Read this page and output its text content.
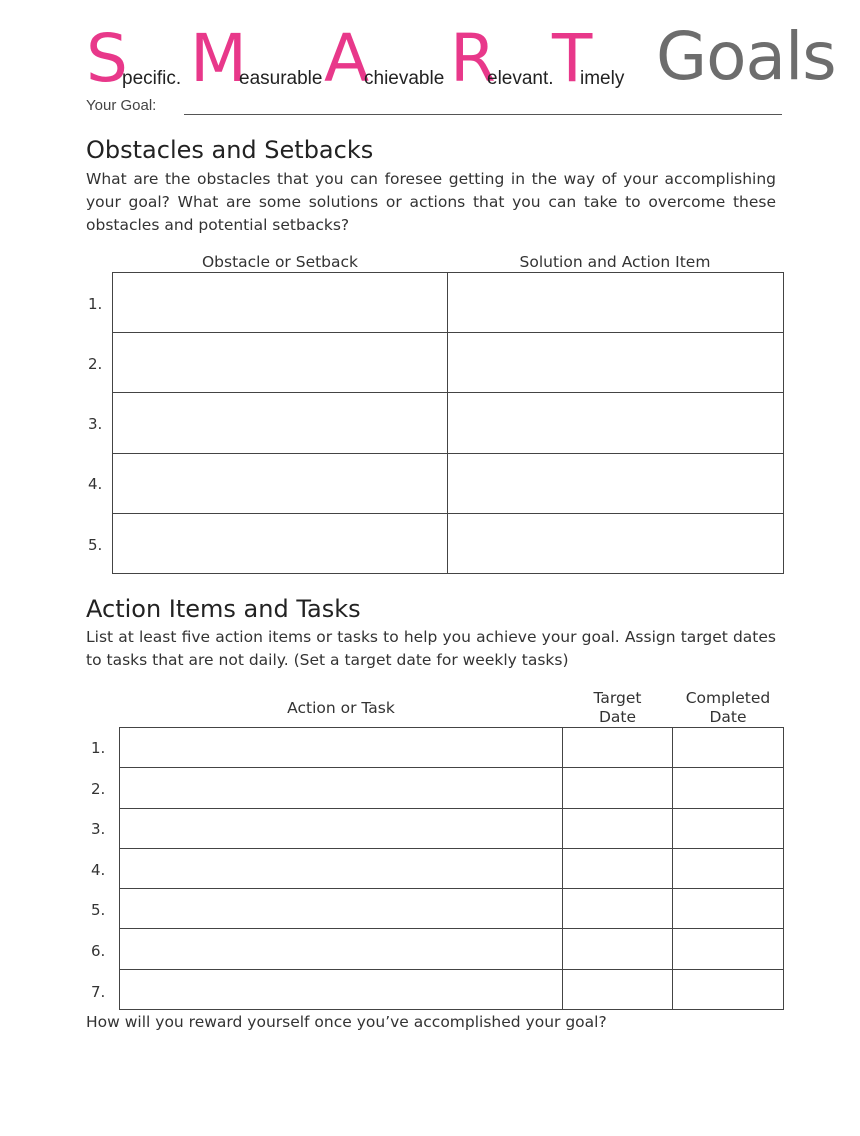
S
pecific. M
easurable A
chievable R
elevant.
T
imely Goals
Your Goal:
Obstacles and Setbacks
What are the obstacles that you can foresee getting in the way of your accomplishing your goal? What are some solutions or actions that you can take to overcome these obstacles and potential setbacks?
Obstacle or Setback	Solution and Action Item
1.
2.
3.
4.
5.

Action Items and Tasks
List at least five action items or tasks to help you achieve your goal. Assign target dates to tasks that are not daily. (Set a target date for weekly tasks)
Action or Task
Target
Date
Completed
Date
1.
2.
3.
4.
5.
6.
7.

How will you reward yourself once you’ve accomplished your goal?
